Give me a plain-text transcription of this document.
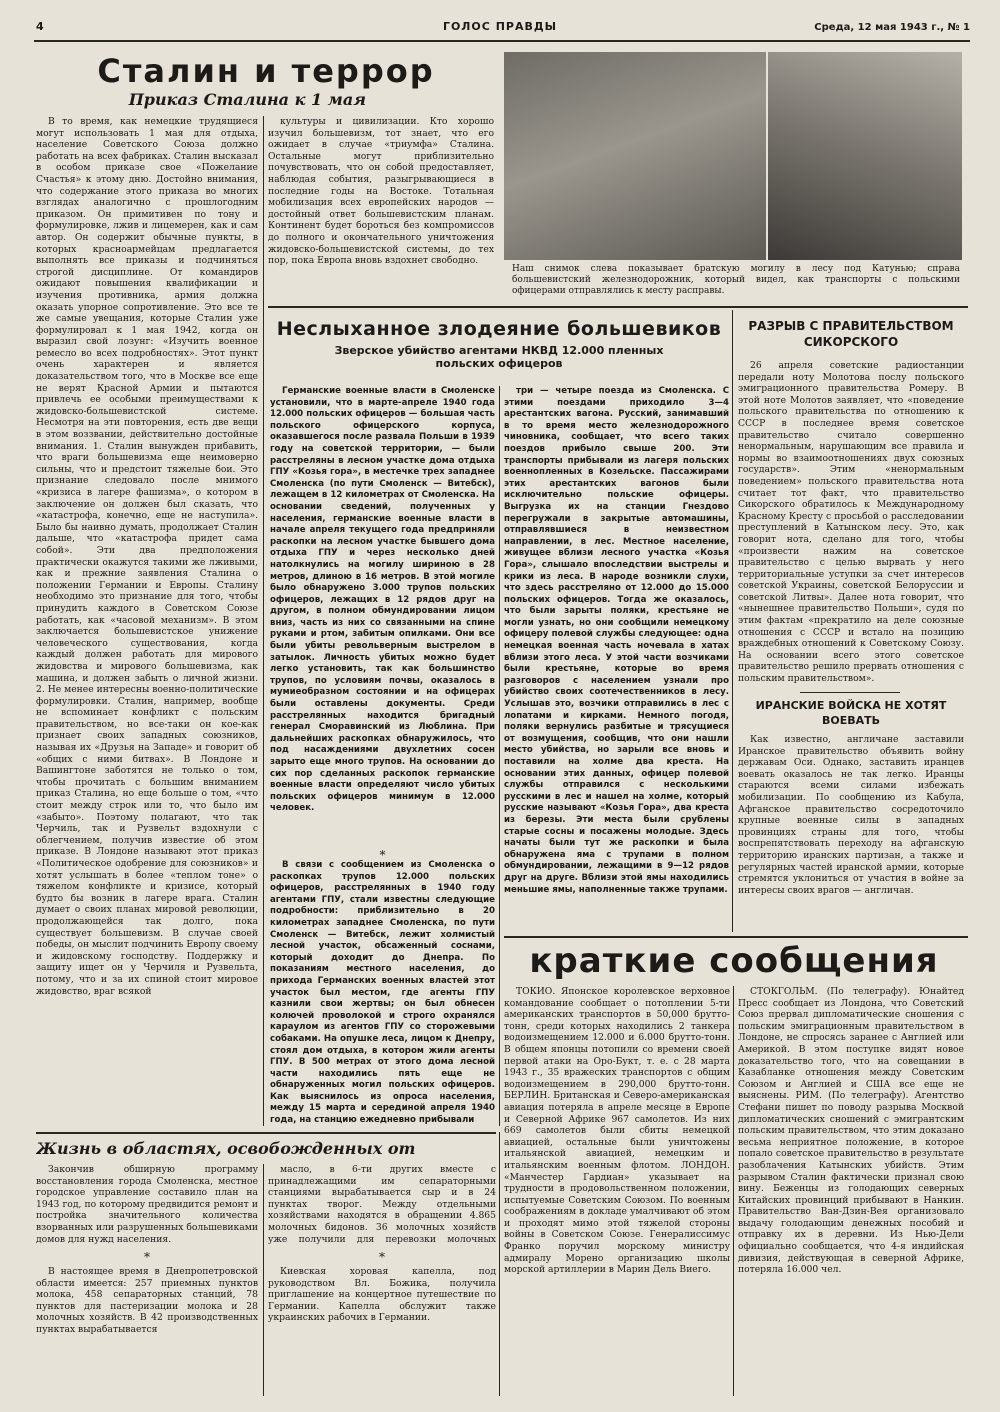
4	ГОЛОС ПРАВДЫ	Среда, 12 мая 1943 г., № 1
Сталин и террор

Приказ Сталина к 1 мая

В то время, как немецкие трудящиеся могут использовать 1 мая для отдыха, население Советского Союза должно работать на всех фабриках. Сталин высказал в особом приказе свое «Пожелание Счастья» к этому дню. Достойно внимания, что содержание этого приказа во многих взглядах аналогично с прошлогодним приказом. Он примитивен по тону и формулировке, лжив и лицемерен, как и сам автор. Он содержит обычные пункты, в которых красноармейцам предлагается выполнять все приказы и подчиняться строгой дисциплине. От командиров ожидают повышения квалификации и изучения противника, армия должна оказать упорное сопротивление. Это все те же самые увещания, которые Сталин уже формулировал к 1 мая 1942, когда он выразил свой лозунг: «Изучить военное ремесло во всех подробностях». Этот пункт очень характерен и является доказательством того, что в Москве все еще не верят Красной Армии и пытаются привлечь ее особыми преимуществами к жидовско-большевистской системе. Несмотря на эти повторения, есть две вещи в этом воззвании, действительно достойные внимания. 1. Сталин вынужден прибавить, что враги большевизма еще неимоверно сильны, что и предстоит тяжелые бои. Это признание следовало после мнимого «кризиса в лагере фашизма», о котором в заключение он должен был сказать, что «катастрофа, конечно, еще не наступила». Было бы наивно думать, продолжает Сталин дальше, что «катастрофа придет сама собой». Эти два предположения практически окажутся такими же лживыми, как и прежние заявления Сталина о положении Германии и Европы. Сталину необходимо это признание для того, чтобы принудить каждого в Советском Союзе работать, как «часовой механизм». В этом заключается большевистское унижение человеческого существования, когда каждый должен работать для мирового жидовства и мирового большевизма, как машина, и должен забыть о личной жизни. 2. Не менее интересны военно-политические формулировки. Сталин, например, вообще не вспоминает конфликт с польским правительством, но все-таки он кое-как признает своих западных союзников, называя их «Друзья на Западе» и говорит об «общих с ними битвах». В Лондоне и Вашингтоне заботятся не только о том, чтобы прочитать с большим вниманием приказ Сталина, но еще больше о том, «что стоит между строк или то, что было им «забыто». Поэтому полагают, что так Черчиль, так и Рузвельт вздохнули с облегчением, получив известие об этом приказе. В Лондоне называют этот приказ «Политическое одобрение для союзников» и хотят услышать в более «теплом тоне» о тяжелом конфликте и кризисе, который будто бы возник в лагере врага. Сталин думает о своих планах мировой революции, продолжающейся так долго, пока существует большевизм. В случае своей победы, он мыслит подчинить Европу своему и жидовскому господству. Поддержку и защиту ищет он у Черчиля и Рузвельта, потому, что и за их спиной стоит мировое жидовство, враг всякой

культуры и цивилизации. Кто хорошо изучил большевизм, тот знает, что его ожидает в случае «триумфа» Сталина. Остальные могут приблизительно почувствовать, что он собой предоставляет, наблюдая события, разыгрывающиеся в последние годы на Востоке. Тотальная мобилизация всех европейских народов — достойный ответ большевистским планам. Континент будет бороться без компромиссов до полного и окончательного уничтожения жидовско-большевистской системы, до тех пор, пока Европа вновь вздохнет свободно.

Наш снимок слева показывает братскую могилу в лесу под Катунью; справа большевистский железнодорожник, который видел, как транспорты с польскими офицерами отправлялись к месту расправы.
Неслыханное злодеяние большевиков
Зверское убийство агентами НКВД 12.000 пленных польских офицеров

Германские военные власти в Смоленске установили, что в марте-апреле 1940 года 12.000 польских офицеров — большая часть польского офицерского корпуса, оказавшегося после развала Польши в 1939 году на советской территории, — были расстреляны в лесном участке дома отдыха ГПУ «Козья гора», в местечке трех западнее Смоленска (по пути Смоленск — Витебск), лежащем в 12 километрах от Смоленска. На основании сведений, полученных у населения, германские военные власти в начале апреля текущего года предприняли раскопки на лесном участке бывшего дома отдыха ГПУ и через несколько дней натолкнулись на могилу шириною в 28 метров, длиною в 16 метров. В этой могиле было обнаружено 3.000 трупов польских офицеров, лежащих в 12 рядов друг на другом, в полном обмундировании лицом вниз, часть из них со связанными на спине руками и ртом, забитым опилками. Они все были убиты револьверным выстрелом в затылок. Личность убитых можно будет легко установить, так как большинство трупов, по условиям почвы, оказалось в мумиеобразном состоянии и на офицерах были оставлены документы. Среди расстрелянных находится бригадный генерал Сморавинский из Люблина. При дальнейших раскопках обнаружилось, что под насаждениями двухлетних сосен зарыто еще много трупов. На основании до сих пор сделанных раскопок германские военные власти определяют число убитых польских офицеров минимум в 12.000 человек.

*

В связи с сообщением из Смоленска о раскопках трупов 12.000 польских офицеров, расстрелянных в 1940 году агентами ГПУ, стали известны следующие подробности: приблизительно в 20 километрах западнее Смоленска, по пути Смоленск — Витебск, лежит холмистый лесной участок, обсаженный соснами, который доходит до Днепра. По показаниям местного населения, до прихода Германских военных властей этот участок был местом, где агенты ГПУ казнили свои жертвы; он был обнесен колючей проволокой и строго охранялся караулом из агентов ГПУ со сторожевыми собаками. На опушке леса, лицом к Днепру, стоял дом отдыха, в котором жили агенты ГПУ. В 500 метрах от этого дома лесной части находились пять еще не обнаруженных могил польских офицеров. Как выяснилось из опроса населения, между 15 марта и серединой апреля 1940 года, на станцию ежедневно прибывали

три — четыре поезда из Смоленска. С этими поездами приходило 3—4 арестантских вагона. Русский, занимавший в то время место железнодорожного чиновника, сообщает, что всего таких поездов прибыло свыше 200. Эти транспорты прибывали из лагеря польских военнопленных в Козельске. Пассажирами этих арестантских вагонов были исключительно польские офицеры. Выгрузка их на станции Гнездово перегружали в закрытые автомашины, отправлявшиеся в неизвестном направлении, в лес. Местное население, живущее вблизи лесного участка «Козья Гора», слышало впоследствии выстрелы и крики из леса. В народе возникли слухи, что здесь расстреляно от 12.000 до 15.000 польских офицеров. Тогда же оказалось, что были зарыты поляки, крестьяне не могли узнать, но они сообщили немецкому офицеру полевой службы следующее: одна немецкая военная часть ночевала в хатах вблизи этого леса. У этой части возчиками были крестьяне, которые во время разговоров с населением узнали про убийство своих соотечественников в лесу. Услышав это, возчики отправились в лес с лопатами и кирками. Немного погодя, поляки вернулись разбитые и трясущиеся от возмущения, сообщив, что они нашли место убийства, но зарыли все вновь и поставили на холме два креста. На основании этих данных, офицер полевой службы отправился с несколькими русскими в лес и нашел на холме, который русские называют «Козья Гора», два креста из березы. Эти места были срублены старые сосны и посажены молодые. Здесь начаты были тут же раскопки и была обнаружена яма с трупами в полном обмундировании, лежащими в 9—12 рядов друг на друге. Вблизи этой ямы находились меньшие ямы, наполненные также трупами.

РАЗРЫВ С ПРАВИТЕЛЬСТВОМ СИКОРСКОГО

26 апреля советские радиостанции передали ноту Молотова послу польского эмиграционного правительства Ромеру. В этой ноте Молотов заявляет, что «поведение польского правительства по отношению к СССР в последнее время советское правительство считало совершенно ненормальным, нарушающим все правила и нормы во взаимоотношениях двух союзных государств». Этим «ненормальным поведением» польского правительства нота считает тот факт, что правительство Сикорского обратилось к Международному Красному Кресту с просьбой о расследовании преступлений в Катынском лесу. Это, как говорит нота, сделано для того, чтобы «произвести нажим на советское правительство с целью вырвать у него территориальные уступки за счет интересов советской Украины, советской Белоруссии и советской Литвы». Далее нота говорит, что «нынешнее правительство Польши», судя по этим фактам «прекратило на деле союзные отношения с СССР и встало на позицию враждебных отношений к Советскому Союзу. На основании всего этого советское правительство решило прервать отношения с польским правительством».

ИРАНСКИЕ ВОЙСКА НЕ ХОТЯТ ВОЕВАТЬ

Как известно, англичане заставили Иранское правительство объявить войну державам Оси. Однако, заставить иранцев воевать оказалось не так легко. Иранцы стараются всеми силами избежать мобилизации. По сообщению из Кабула, Афганское правительство сосредоточило крупные военные силы в западных провинциях страны для того, чтобы воспрепятствовать переходу на афганскую территорию иранских партизан, а также и регулярных частей иранской армии, которые стремятся уклониться от участия в войне за интересы своих врагов — англичан.

краткие сообщения

ТОКИО. Японское королевское верховное командование сообщает о потоплении 5-ти американских транспортов в 50,000 брутто-тонн, среди которых находились 2 танкера водоизмещением 12.000 и 6.000 брутто-тонн. В общем японцы потопили со времени своей первой атаки на Оро-Букт, т. е. с 28 марта 1943 г., 35 вражеских транспортов с общим водоизмещением в 290,000 брутто-тонн. БЕРЛИН. Британская и Северо-американская авиация потеряла в апреле месяце в Европе и Северной Африке 967 самолетов. Из них 669 самолетов были сбиты немецкой авиацией, остальные были уничтожены итальянской авиацией, немецким и итальянским военным флотом. ЛОНДОН. «Манчестер Гардиан» указывает на трудности в продовольственном положении, испытуемые Советским Союзом. По военным соображениям в докладе умалчивают об этом и проходят мимо этой тяжелой стороны войны в Советском Союзе. Генералиссимус Франко поручил морскому министру адмиралу Морено организацию школы морской артиллерии в Марин Дель Виего.

СТОКГОЛЬМ. (По телеграфу). Юнайтед Пресс сообщает из Лондона, что Советский Союз прервал дипломатические сношения с польским эмиграционным правительством в Лондоне, не спросясь заранее с Англией или Америкой. В этом поступке видят новое доказательство того, что на совещании в Казабланке отношения между Советским Союзом и Англией и США все еще не выяснены. РИМ. (По телеграфу). Агентство Стефани пишет по поводу разрыва Москвой дипломатических сношений с эмигрантским польским правительством, что этим доказано весьма неприятное положение, в которое попало советское правительство в результате разоблачения Катынских убийств. Этим разрывом Сталин фактически признал свою вину. Беженцы из голодающих северных Китайских провинций прибывают в Нанкин. Правительство Ван-Дзин-Вея организовало выдачу голодающим денежных пособий и отправку их в деревни. Из Нью-Дели официально сообщается, что 4-я индийская дивизия, действующая в северной Африке, потеряла 16.000 чел.

Жизнь в областях, освобожденных от

Закончив обширную программу восстановления города Смоленска, местное городское управление составило план на 1943 год, по которому предвидится ремонт и постройка значительного количества взорванных или разрушенных большевиками домов для нужд населения.

*

В настоящее время в Днепропетровской области имеется: 257 приемных пунктов молока, 458 сепараторных станций, 78 пунктов для пастеризации молока и 28 молочных хозяйств. В 42 производственных пунктах вырабатывается

масло, в 6-ти других вместе с принадлежащими им сепараторными станциями вырабатывается сыр и в 24 пунктах творог. Между отдельными хозяйствами находятся в обращении 4.865 молочных бидонов. 36 молочных хозяйств уже получили для перевозки молочных

*

Киевская хоровая капелла, под руководством Вл. Божика, получила приглашение на концертное путешествие по Германии. Капелла обслужит также украинских рабочих в Германии.
